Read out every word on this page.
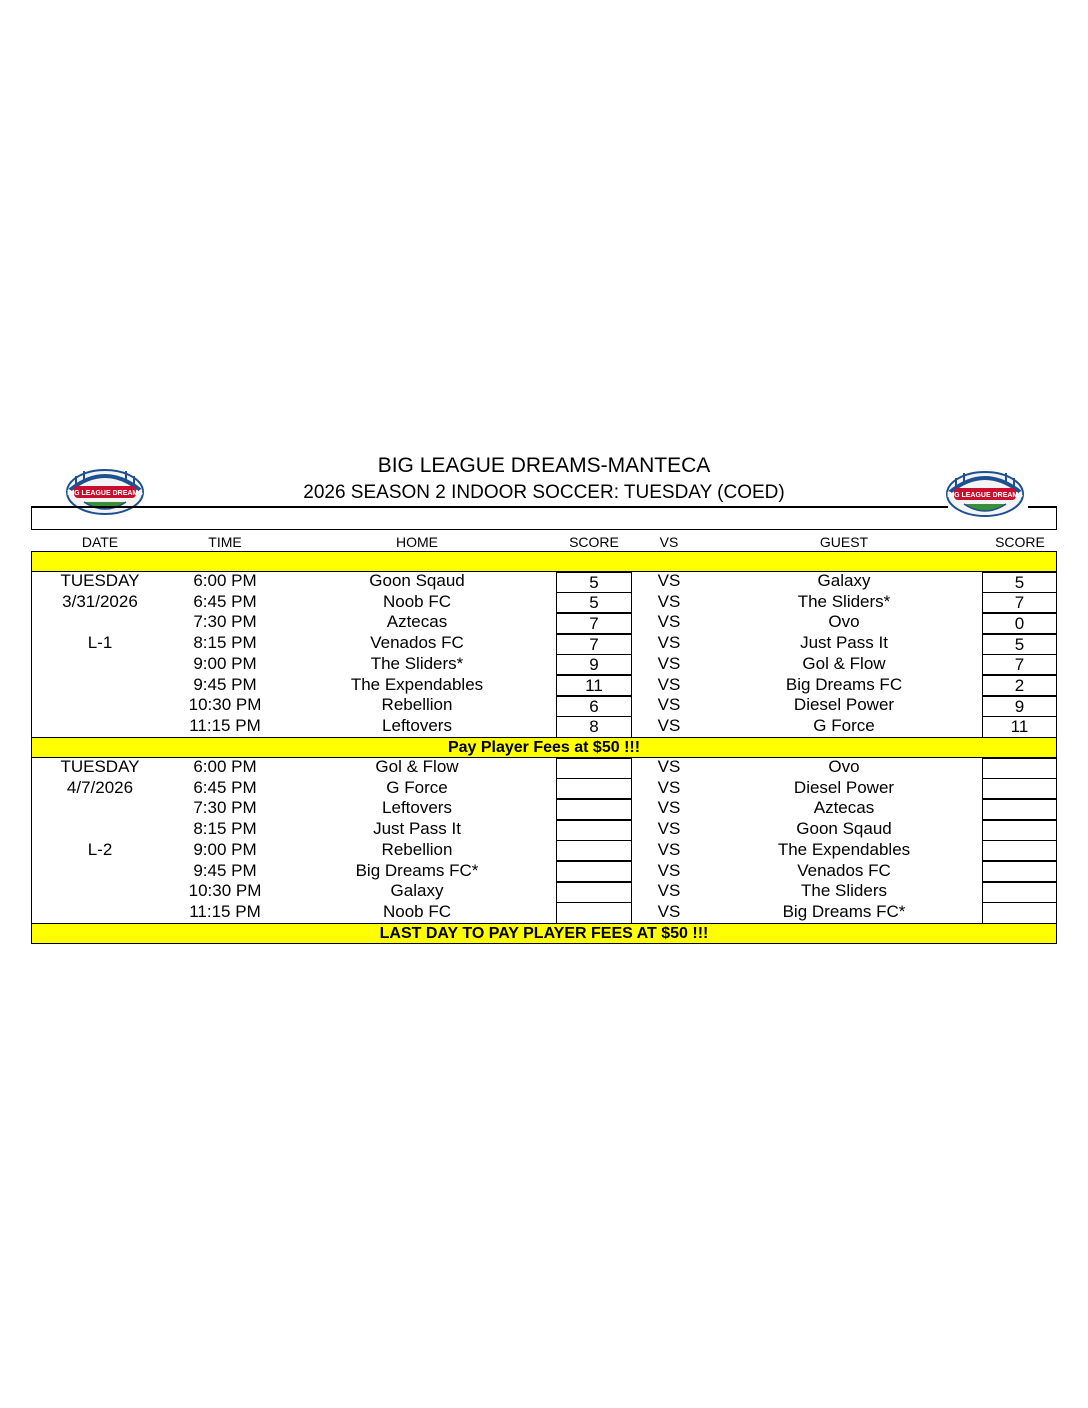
BIG LEAGUE DREAMS-MANTECA
2026 SEASON 2 INDOOR SOCCER: TUESDAY (COED)
BIG LEAGUE DREAMS	BIG LEAGUE DREAMS
DATE	TIME	HOME	SCORE	VS	GUEST	SCORE
TUESDAY	6:00 PM	Goon Sqaud	5	VS	Galaxy	5
3/31/2026	6:45 PM	Noob FC	5	VS	The Sliders*	7
7:30 PM	Aztecas	7	VS	Ovo	0
L-1	8:15 PM	Venados FC	7	VS	Just Pass It	5
9:00 PM	The Sliders*	9	VS	Gol & Flow	7
9:45 PM	The Expendables	11	VS	Big Dreams FC	2
10:30 PM	Rebellion	6	VS	Diesel Power	9
11:15 PM	Leftovers	8	VS	G Force	11
Pay Player Fees at $50 !!!
TUESDAY	6:00 PM	Gol & Flow	VS	Ovo
4/7/2026	6:45 PM	G Force	VS	Diesel Power
7:30 PM	Leftovers	VS	Aztecas
8:15 PM	Just Pass It	VS	Goon Sqaud
L-2	9:00 PM	Rebellion	VS	The Expendables
9:45 PM	Big Dreams FC*	VS	Venados FC
10:30 PM	Galaxy	VS	The Sliders
11:15 PM	Noob FC	VS	Big Dreams FC*
LAST DAY TO PAY PLAYER FEES AT $50 !!!
